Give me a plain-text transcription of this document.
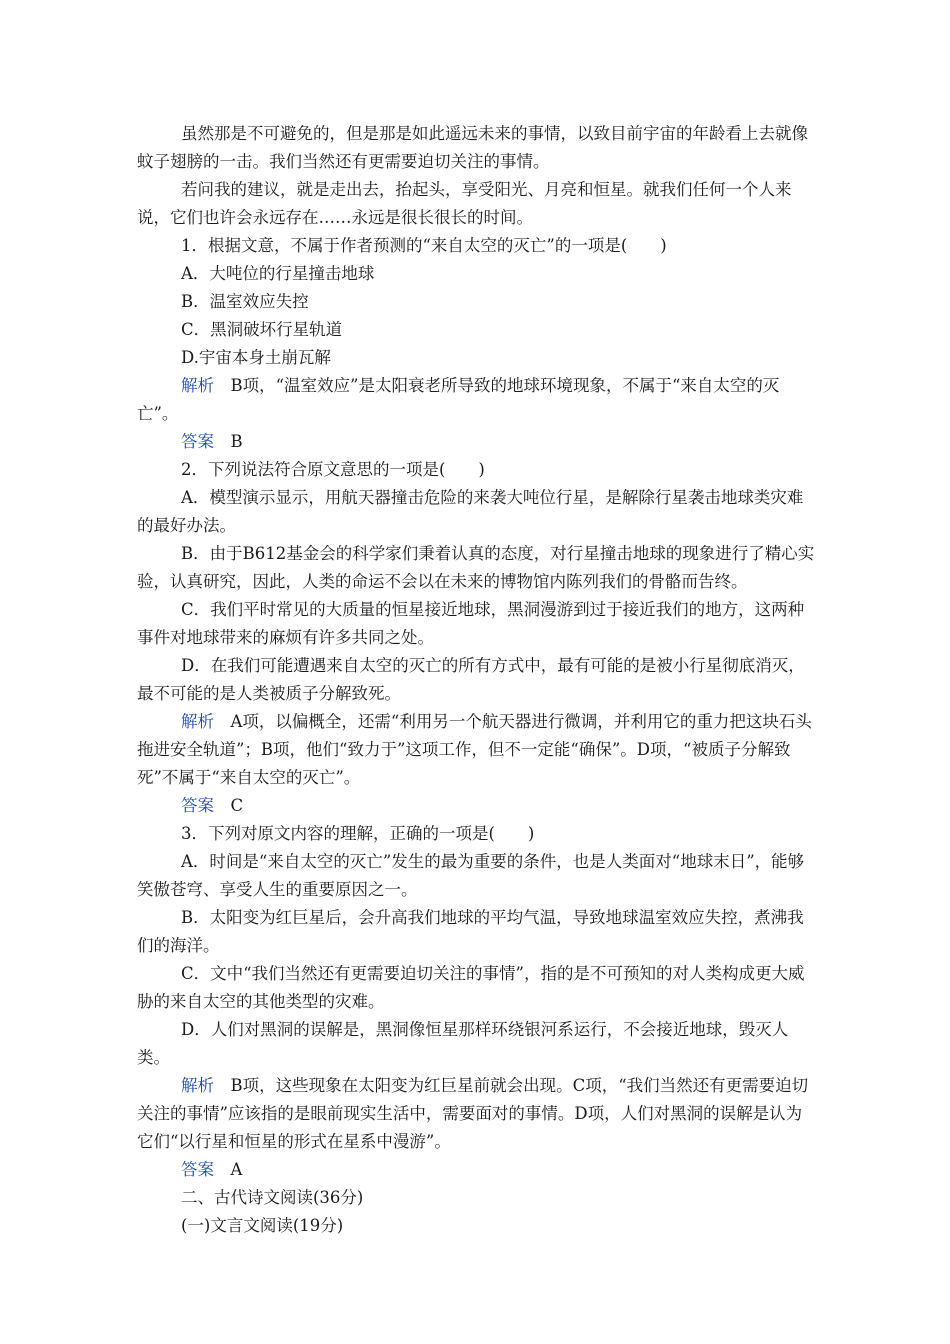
虽然那是不可避免的，但是那是如此遥远未来的事情，以致目前宇宙的年龄看上去就像蚊子翅膀的一击。我们当然还有更需要迫切关注的事情。

若问我的建议，就是走出去，抬起头，享受阳光、月亮和恒星。就我们任何一个人来说，它们也许会永远存在……永远是很长很长的时间。

1．根据文意，不属于作者预测的“来自太空的灭亡”的一项是(　　)

A．大吨位的行星撞击地球

B．温室效应失控

C．黑洞破坏行星轨道

D.宇宙本身土崩瓦解

解析　B项，“温室效应”是太阳衰老所导致的地球环境现象，不属于“来自太空的灭亡”。

答案　B

2．下列说法符合原文意思的一项是(　　)

A．模型演示显示，用航天器撞击危险的来袭大吨位行星，是解除行星袭击地球类灾难的最好办法。

B．由于B612基金会的科学家们秉着认真的态度，对行星撞击地球的现象进行了精心实验，认真研究，因此，人类的命运不会以在未来的博物馆内陈列我们的骨骼而告终。

C．我们平时常见的大质量的恒星接近地球，黑洞漫游到过于接近我们的地方，这两种事件对地球带来的麻烦有许多共同之处。

D．在我们可能遭遇来自太空的灭亡的所有方式中，最有可能的是被小行星彻底消灭，最不可能的是人类被质子分解致死。

解析　A项，以偏概全，还需“利用另一个航天器进行微调，并利用它的重力把这块石头拖进安全轨道”；B项，他们“致力于”这项工作，但不一定能“确保”。D项，“被质子分解致死”不属于“来自太空的灭亡”。

答案　C

3．下列对原文内容的理解，正确的一项是(　　)

A．时间是“来自太空的灭亡”发生的最为重要的条件，也是人类面对“地球末日”，能够笑傲苍穹、享受人生的重要原因之一。

B．太阳变为红巨星后，会升高我们地球的平均气温，导致地球温室效应失控，煮沸我们的海洋。

C．文中“我们当然还有更需要迫切关注的事情”，指的是不可预知的对人类构成更大威胁的来自太空的其他类型的灾难。

D．人们对黑洞的误解是，黑洞像恒星那样环绕银河系运行，不会接近地球，毁灭人类。

解析　B项，这些现象在太阳变为红巨星前就会出现。C项，“我们当然还有更需要迫切关注的事情”应该指的是眼前现实生活中，需要面对的事情。D项，人们对黑洞的误解是认为它们“以行星和恒星的形式在星系中漫游”。

答案　A

二、古代诗文阅读(36分)

(一)文言文阅读(19分)
